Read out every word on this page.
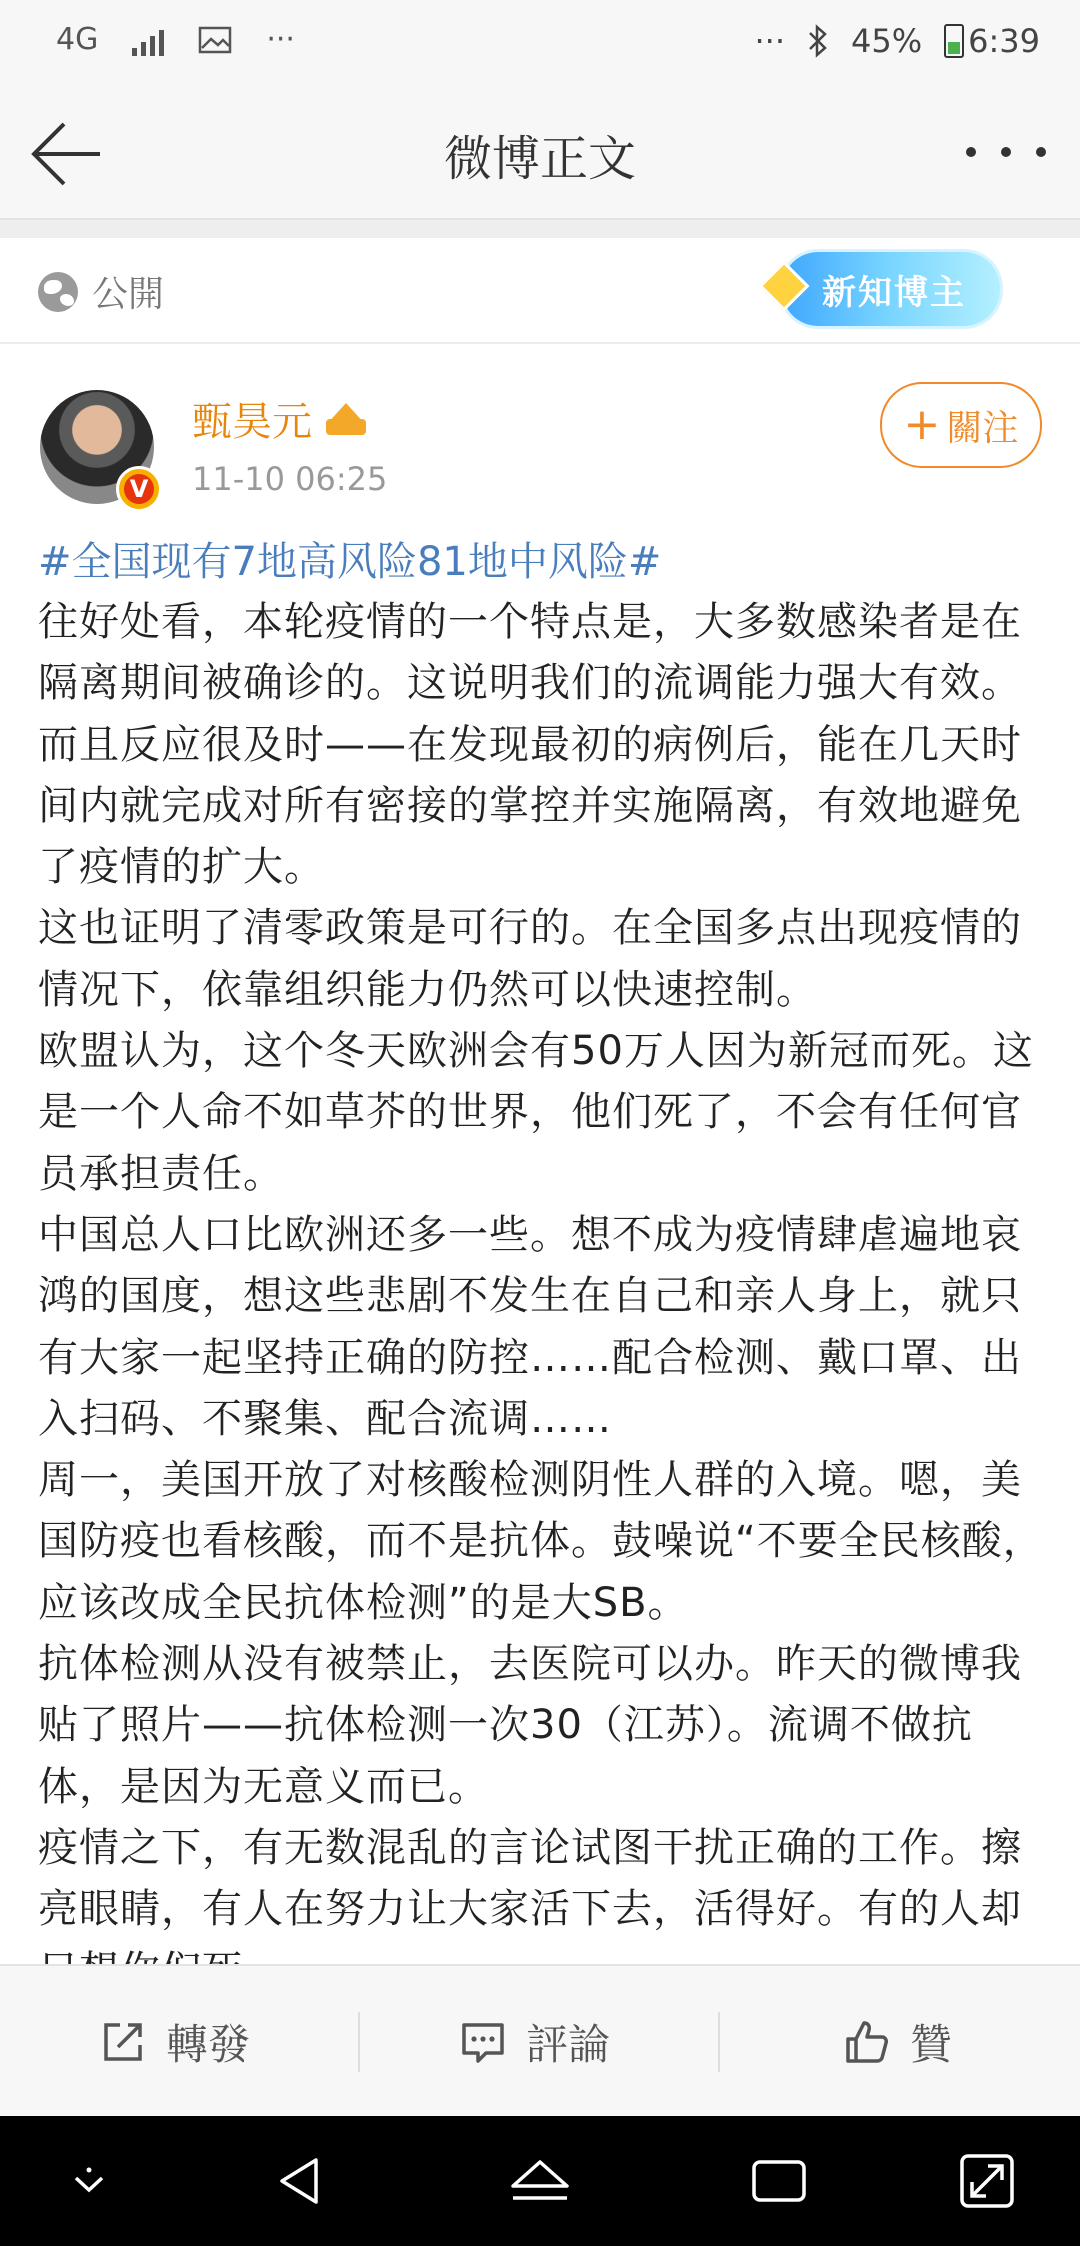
4G	···	··· 45% 6:39
微博正文
公開	新知博主
V
甄昊元
11-10 06:25
+ 關注

#全国现有7地高风险81地中风险#

往好处看，本轮疫情的一个特点是，大多数感染者是在隔离期间被确诊的。这说明我们的流调能力强大有效。而且反应很及时——在发现最初的病例后，能在几天时间内就完成对所有密接的掌控并实施隔离，有效地避免了疫情的扩大。

这也证明了清零政策是可行的。在全国多点出现疫情的情况下，依靠组织能力仍然可以快速控制。

欧盟认为，这个冬天欧洲会有50万人因为新冠而死。这是一个人命不如草芥的世界，他们死了，不会有任何官员承担责任。

中国总人口比欧洲还多一些。想不成为疫情肆虐遍地哀鸿的国度，想这些悲剧不发生在自己和亲人身上，就只有大家一起坚持正确的防控……配合检测、戴口罩、出入扫码、不聚集、配合流调……

周一，美国开放了对核酸检测阴性人群的入境。嗯，美国防疫也看核酸，而不是抗体。鼓噪说“不要全民核酸，应该改成全民抗体检测”的是大SB。

抗体检测从没有被禁止，去医院可以办。昨天的微博我贴了照片——抗体检测一次30（江苏）。流调不做抗体，是因为无意义而已。

疫情之下，有无数混乱的言论试图干扰正确的工作。擦亮眼睛，有人在努力让大家活下去，活得好。有的人却

轉發	評論	贊
